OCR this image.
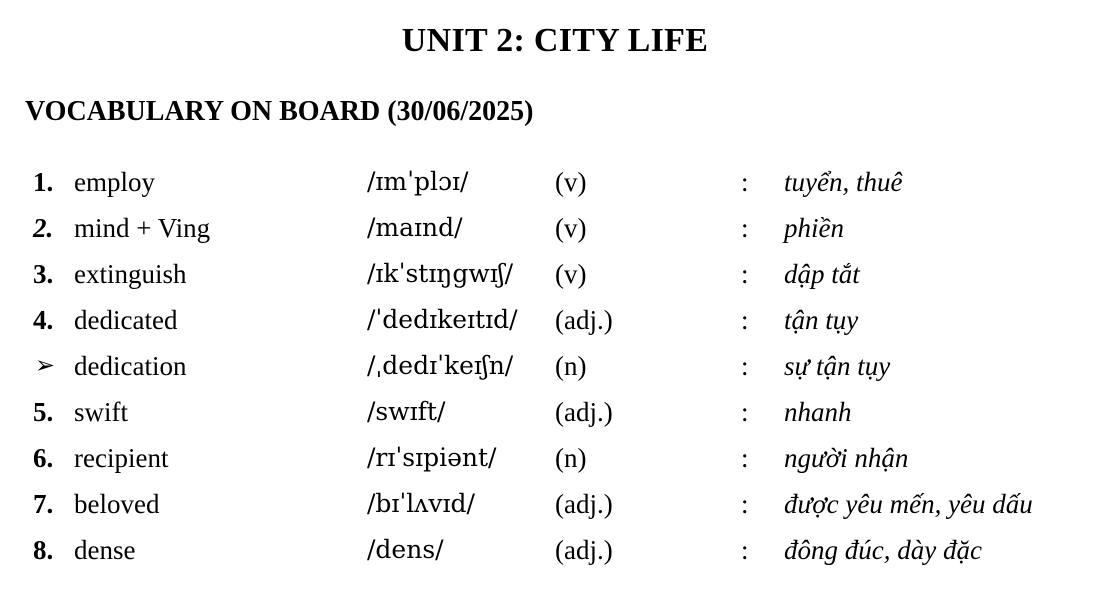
UNIT 2: CITY LIFE
VOCABULARY ON BOARD (30/06/2025)
1. employ	/ɪmˈplɔɪ/	(v)	: tuyển, thuê
2. mind + Ving	/maɪnd/	(v)	: phiền
3. extinguish	/ɪkˈstɪŋgwɪʃ/ (v)	: dập tắt
4. dedicated	/ˈdedɪkeɪtɪd/ (adj.)	: tận tụy
➢ dedication	/ˌdedɪˈkeɪʃn/ (n)	: sự tận tụy
5. swift	/swɪft/	(adj.)	: nhanh
6. recipient	/rɪˈsɪpiənt/ (n)	: người nhận
7. beloved	/bɪˈlʌvɪd/	(adj.)	: được yêu mến, yêu dấu
8. dense	/dens/	(adj.)	: đông đúc, dày đặc
